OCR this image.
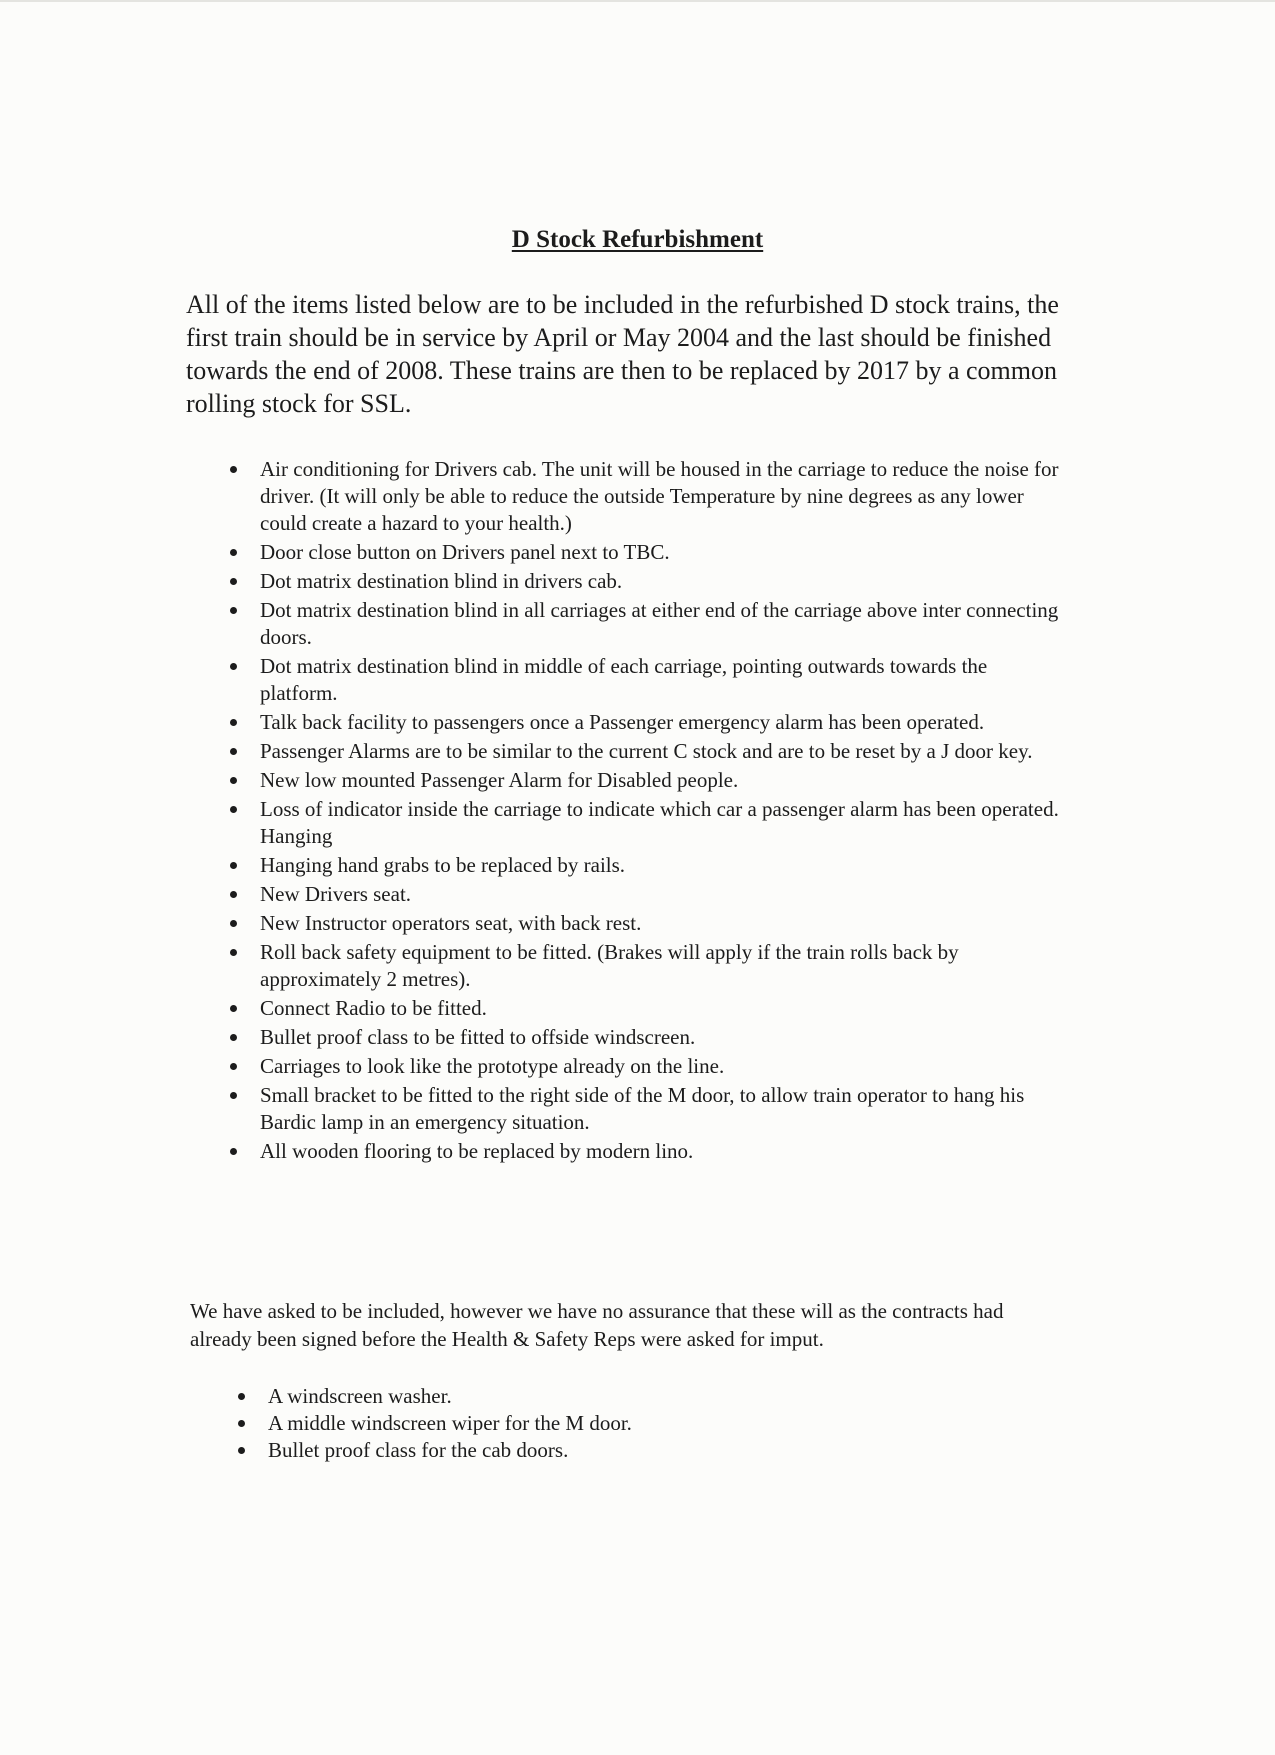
D Stock Refurbishment

All of the items listed below are to be included in the refurbished D stock trains, the first train should be in service by April or May 2004 and the last should be finished towards the end of 2008. These trains are then to be replaced by 2017 by a common rolling stock for SSL.

Air conditioning for Drivers cab. The unit will be housed in the carriage to reduce the noise for driver. (It will only be able to reduce the outside Temperature by nine degrees as any lower could create a hazard to your health.)
Door close button on Drivers panel next to TBC.
Dot matrix destination blind in drivers cab.
Dot matrix destination blind in all carriages at either end of the carriage above inter connecting doors.
Dot matrix destination blind in middle of each carriage, pointing outwards towards the platform.
Talk back facility to passengers once a Passenger emergency alarm has been operated.
Passenger Alarms are to be similar to the current C stock and are to be reset by a J door key.
New low mounted Passenger Alarm for Disabled people.
Loss of indicator inside the carriage to indicate which car a passenger alarm has been operated. Hanging
Hanging hand grabs to be replaced by rails.
New Drivers seat.
New Instructor operators seat, with back rest.
Roll back safety equipment to be fitted. (Brakes will apply if the train rolls back by approximately 2 metres).
Connect Radio to be fitted.
Bullet proof class to be fitted to offside windscreen.
Carriages to look like the prototype already on the line.
Small bracket to be fitted to the right side of the M door, to allow train operator to hang his Bardic lamp in an emergency situation.
All wooden flooring to be replaced by modern lino.

We have asked to be included, however we have no assurance that these will as the contracts had already been signed before the Health & Safety Reps were asked for imput.

A windscreen washer.
A middle windscreen wiper for the M door.
Bullet proof class for the cab doors.
